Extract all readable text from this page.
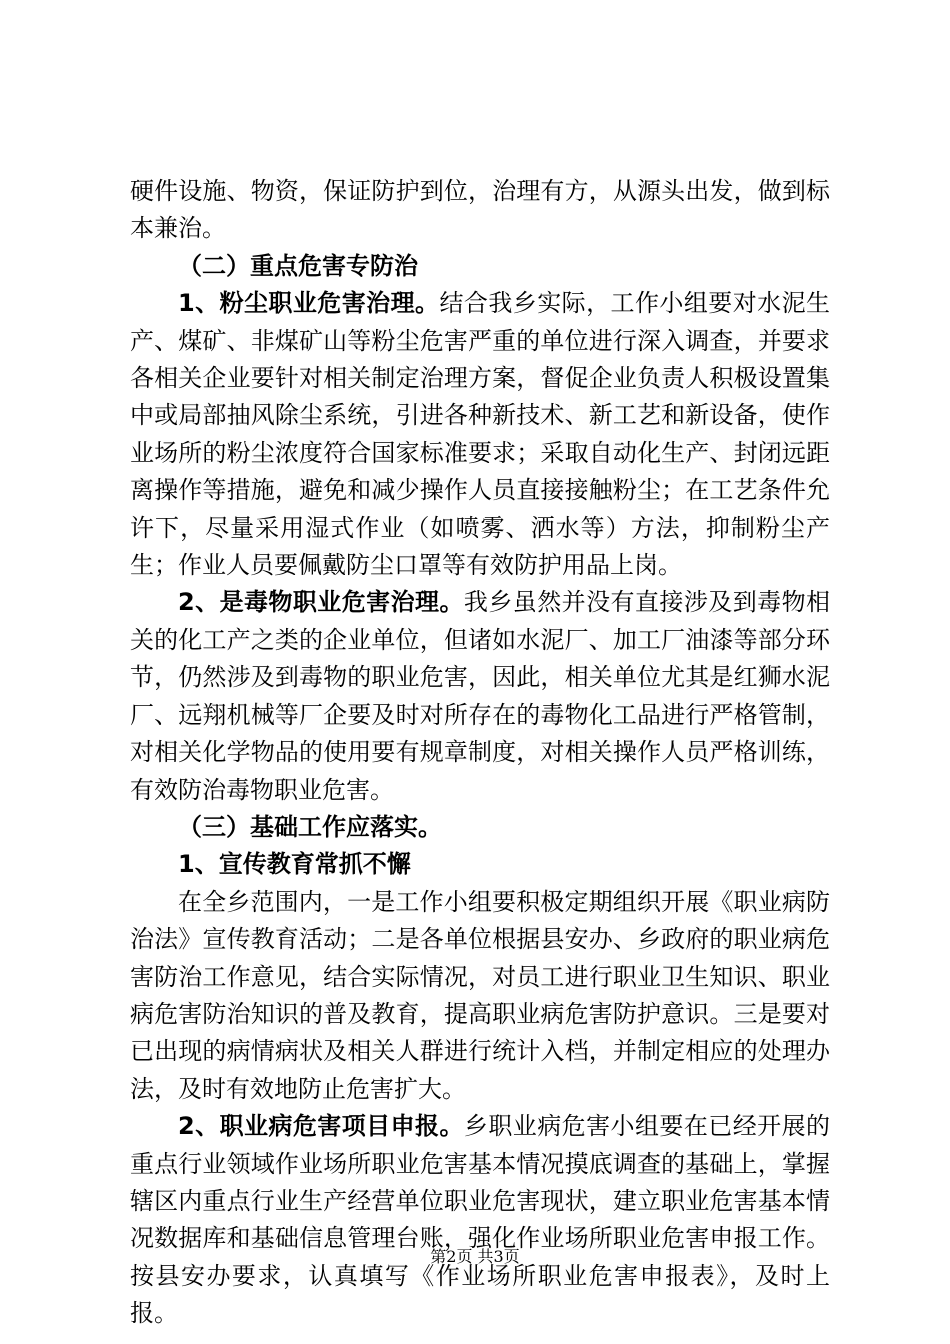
硬件设施、物资，保证防护到位，治理有方，从源头出发，做到标本兼治。

（二）重点危害专防治

1、粉尘职业危害治理。结合我乡实际，工作小组要对水泥生产、煤矿、非煤矿山等粉尘危害严重的单位进行深入调查，并要求各相关企业要针对相关制定治理方案，督促企业负责人积极设置集中或局部抽风除尘系统，引进各种新技术、新工艺和新设备，使作业场所的粉尘浓度符合国家标准要求；采取自动化生产、封闭远距离操作等措施，避免和减少操作人员直接接触粉尘；在工艺条件允许下，尽量采用湿式作业（如喷雾、洒水等）方法，抑制粉尘产生；作业人员要佩戴防尘口罩等有效防护用品上岗。

2、是毒物职业危害治理。我乡虽然并没有直接涉及到毒物相关的化工产之类的企业单位，但诸如水泥厂、加工厂油漆等部分环节，仍然涉及到毒物的职业危害，因此，相关单位尤其是红狮水泥厂、远翔机械等厂企要及时对所存在的毒物化工品进行严格管制，对相关化学物品的使用要有规章制度，对相关操作人员严格训练，有效防治毒物职业危害。

（三）基础工作应落实。

1、宣传教育常抓不懈

在全乡范围内，一是工作小组要积极定期组织开展《职业病防治法》宣传教育活动；二是各单位根据县安办、乡政府的职业病危害防治工作意见，结合实际情况，对员工进行职业卫生知识、职业病危害防治知识的普及教育，提高职业病危害防护意识。三是要对已出现的病情病状及相关人群进行统计入档，并制定相应的处理办法，及时有效地防止危害扩大。

2、职业病危害项目申报。乡职业病危害小组要在已经开展的重点行业领域作业场所职业危害基本情况摸底调查的基础上，掌握辖区内重点行业生产经营单位职业危害现状，建立职业危害基本情况数据库和基础信息管理台账，强化作业场所职业危害申报工作。按县安办要求，认真填写《作业场所职业危害申报表》，及时上报。

第2页 共3页
